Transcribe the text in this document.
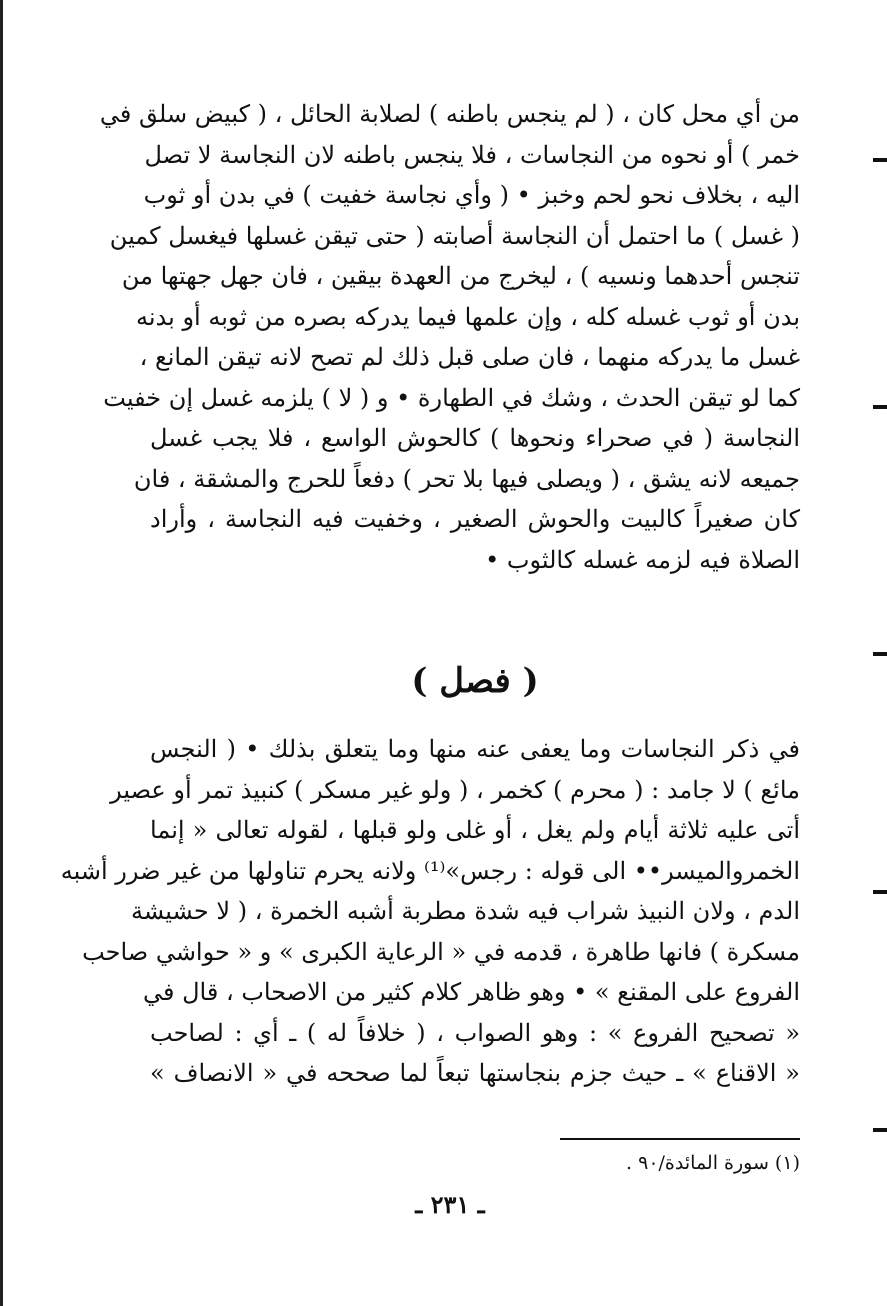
من أي محل كان ، ( لم ينجس باطنه ) لصلابة الحائل ، ( كبيض سلق في
خمر ) أو نحوه من النجاسات ، فلا ينجس باطنه لان النجاسة لا تصل
اليه ، بخلاف نحو لحم وخبز • ( وأي نجاسة خفيت ) في بدن أو ثوب
( غسل ) ما احتمل أن النجاسة أصابته ( حتى تيقن غسلها فيغسل كمين
تنجس أحدهما ونسيه ) ، ليخرج من العهدة بيقين ، فان جهل جهتها من
بدن أو ثوب غسله كله ، وإن علمها فيما يدركه بصره من ثوبه أو بدنه
غسل ما يدركه منهما ، فان صلى قبل ذلك لم تصح لانه تيقن المانع ،
كما لو تيقن الحدث ، وشك في الطهارة • و ( لا ) يلزمه غسل إن خفيت
النجاسة ( في صحراء ونحوها ) كالحوش الواسع ، فلا يجب غسل
جميعه لانه يشق ، ( ويصلى فيها بلا تحر ) دفعاً للحرج والمشقة ، فان
كان صغيراً كالبيت والحوش الصغير ، وخفيت فيه النجاسة ، وأراد
الصلاة فيه لزمه غسله كالثوب •
( فصل )
في ذكر النجاسات وما يعفى عنه منها وما يتعلق بذلك • ( النجس
مائع ) لا جامد : ( محرم ) كخمر ، ( ولو غير مسكر ) كنبيذ تمر أو عصير
أتى عليه ثلاثة أيام ولم يغل ، أو غلى ولو قبلها ، لقوله تعالى « إنما
الخمروالميسر•• الى قوله : رجس»⁽¹⁾ ولانه يحرم تناولها من غير ضرر أشبه
الدم ، ولان النبيذ شراب فيه شدة مطربة أشبه الخمرة ، ( لا حشيشة
مسكرة ) فانها طاهرة ، قدمه في « الرعاية الكبرى » و « حواشي صاحب
الفروع على المقنع » • وهو ظاهر كلام كثير من الاصحاب ، قال في
« تصحيح الفروع » : وهو الصواب ، ( خلافاً له ) ـ أي : لصاحب
« الاقناع » ـ حيث جزم بنجاستها تبعاً لما صححه في « الانصاف »
(١) سورة المائدة/٩٠ .
ـ ٢٣١ ـ
